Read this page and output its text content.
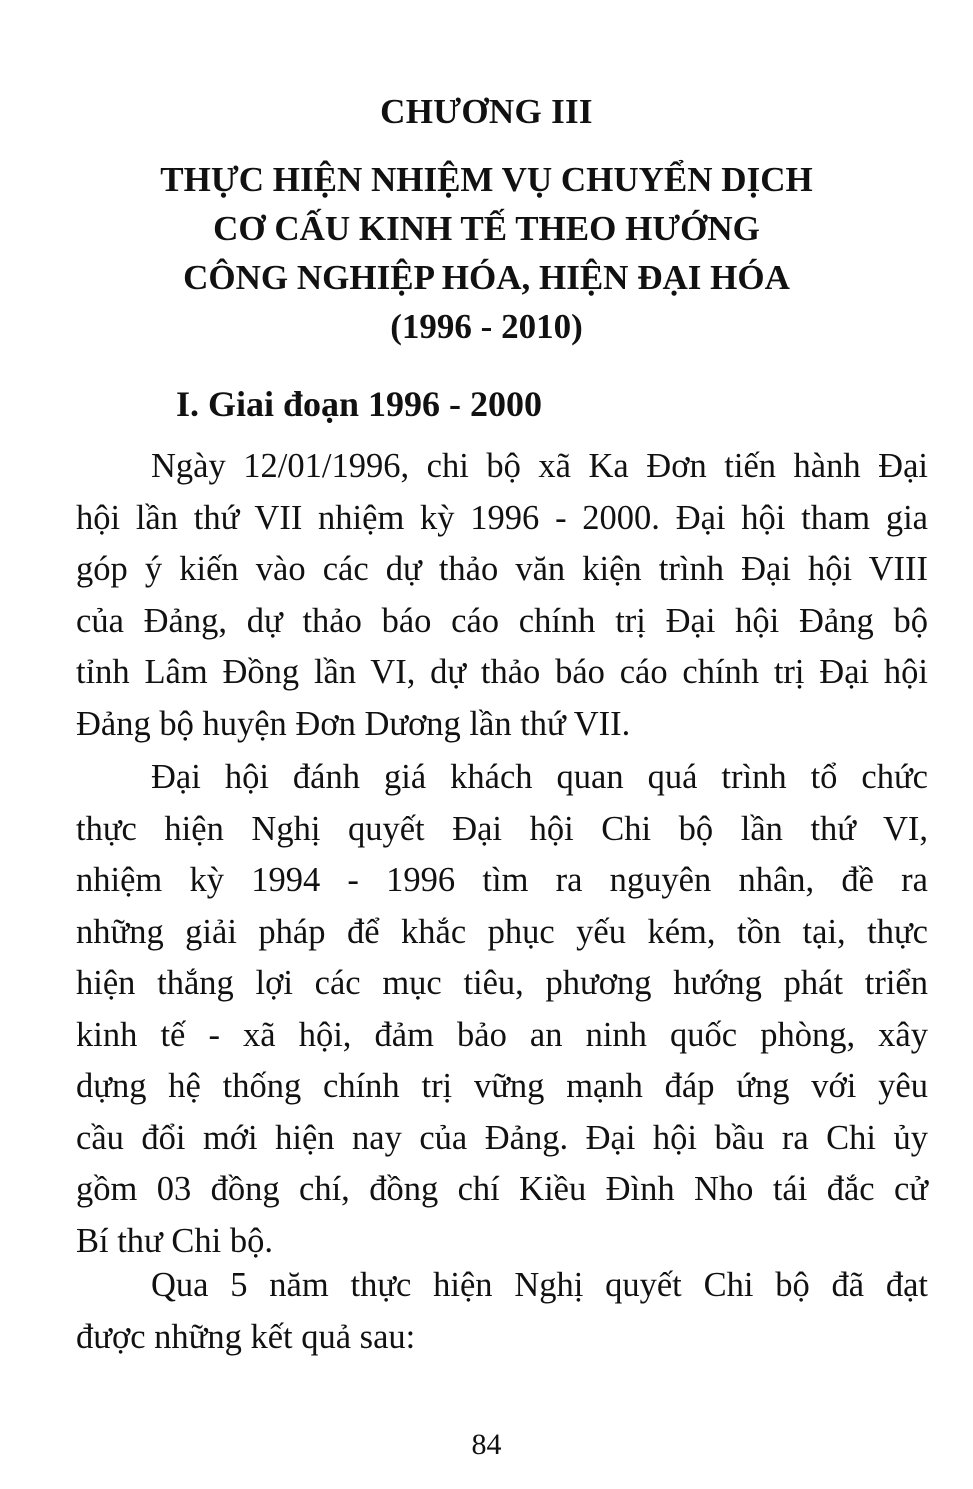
CHƯƠNG III
THỰC HIỆN NHIỆM VỤ CHUYỂN DỊCH
CƠ CẤU KINH TẾ THEO HƯỚNG
CÔNG NGHIỆP HÓA, HIỆN ĐẠI HÓA
(1996 - 2010)
I. Giai đoạn 1996 - 2000
Ngày 12/01/1996, chi bộ xã Ka Đơn tiến hành Đại
hội lần thứ VII nhiệm kỳ 1996 - 2000. Đại hội tham gia
góp ý kiến vào các dự thảo văn kiện trình Đại hội VIII
của Đảng, dự thảo báo cáo chính trị Đại hội Đảng bộ
tỉnh Lâm Đồng lần VI, dự thảo báo cáo chính trị Đại hội
Đảng bộ huyện Đơn Dương lần thứ VII.
Đại hội đánh giá khách quan quá trình tổ chức
thực hiện Nghị quyết Đại hội Chi bộ lần thứ VI,
nhiệm kỳ 1994 - 1996 tìm ra nguyên nhân, đề ra
những giải pháp để khắc phục yếu kém, tồn tại, thực
hiện thắng lợi các mục tiêu, phương hướng phát triển
kinh tế - xã hội, đảm bảo an ninh quốc phòng, xây
dựng hệ thống chính trị vững mạnh đáp ứng với yêu
cầu đổi mới hiện nay của Đảng. Đại hội bầu ra Chi ủy
gồm 03 đồng chí, đồng chí Kiều Đình Nho tái đắc cử
Bí thư Chi bộ.
Qua 5 năm thực hiện Nghị quyết Chi bộ đã đạt
được những kết quả sau:
84
